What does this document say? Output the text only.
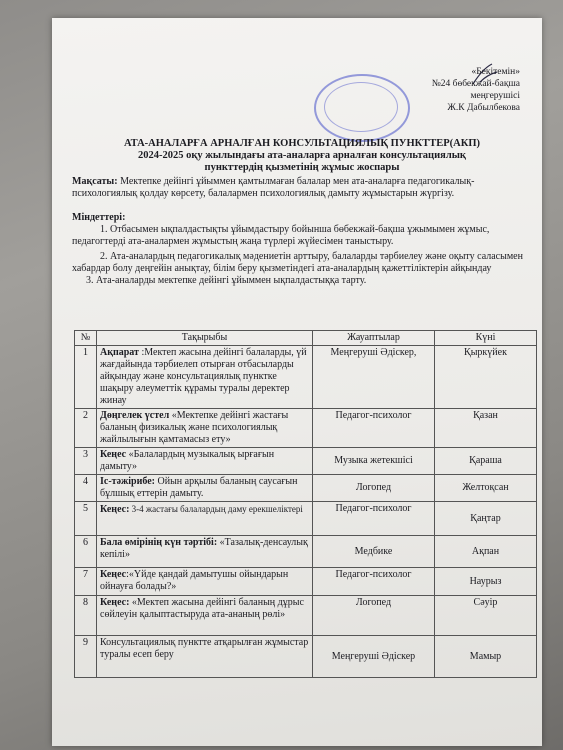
«Бекітемін»
№24 бөбекжай-бақша
меңгерушісі
Ж.К Дабылбекова
АТА-АНАЛАРҒА АРНАЛҒАН КОНСУЛЬТАЦИЯЛЫҚ ПУНКТТЕР(АКП)
2024-2025 оқу жылындағы ата-аналарға арналған консультациялық
пункттердің қызметінің жұмыс жоспары
Мақсаты: Мектепке дейінгі ұйыммен қамтылмаған балалар мен ата-аналарға педагогикалық-психологиялық қолдау көрсету, балалармен психологиялық дамыту жұмыстарын жүргізу.
Міндеттері:
1. Отбасымен ықпалдастықты ұйымдастыру бойынша бөбекжай-бақша ұжымымен жұмыс, педагогтерді ата-аналармен жұмыстың жаңа түрлері жүйесімен таныстыру.
2. Ата-аналардың педагогикалық мәдениетін арттыру, балаларды тәрбиелеу және оқыту саласымен хабардар болу деңгейін анықтау, білім беру қызметіндегі ата-аналардың қажеттіліктерін айқындау
3. Ата-аналарды мектепке дейінгі ұйыммен ықпалдастыққа тарту.
№	Тақырыбы	Жауаптылар	Күні
1	Ақпарат :Мектеп жасына дейінгі балаларды, үй жағдайында тәрбиелеп отырған отбасыларды айқындау және консультациялық пунктке шақыру әлеуметтік құрамы туралы деректер жинау	Меңгеруші Әдіскер,	Қыркүйек
2	Дөңгелек үстел «Мектепке дейінгі жастағы баланың физикалық және психологиялық жайлылығын қамтамасыз ету»	Педагог-психолог	Қазан
3	Кеңес «Балалардың музыкалық ырғағын дамыту»	Музыка жетекшісі	Қараша
4	Іс-тәжірибе: Ойын арқылы баланың саусағын бұлшық еттерін дамыту.	Логопед	Желтоқсан
5	Кеңес: 3-4 жастағы балалардың даму ерекшеліктері	Педагог-психолог	Қаңтар
6	Бала өмірінің күн тәртібі: «Тазалық-денсаулық кепілі»	Медбике	Ақпан
7	Кеңес:«Үйде қандай дамытушы ойындарын ойнауға болады?»	Педагог-психолог	Наурыз
8	Кеңес: «Мектеп жасына дейінгі баланың дұрыс сөйлеуін қалыптастыруда ата-ананың рөлі»	Логопед	Сәуір
9	Консультациялық пунктте атқарылған жұмыстар туралы есеп беру	Меңгеруші Әдіскер	Мамыр
